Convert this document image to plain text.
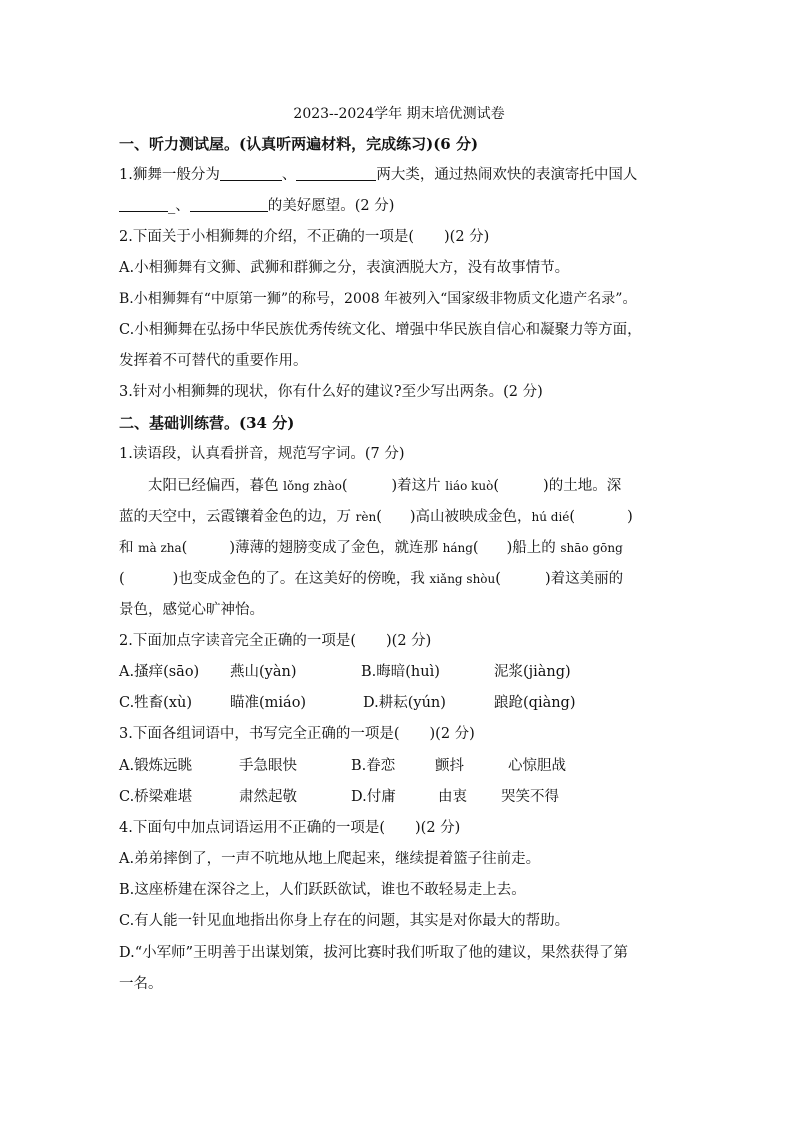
2023--2024学年 期末培优测试卷
一、听力测试屋。(认真听两遍材料，完成练习)(6 分)
1.狮舞一般分为	、	两大类，通过热闹欢快的表演寄托中国人
_、	的美好愿望。(2 分)
2.下面关于小相狮舞的介绍，不正确的一项是( )(2 分)
A.小相狮舞有文狮、武狮和群狮之分，表演洒脱大方，没有故事情节。
B.小相狮舞有“中原第一狮”的称号，2008 年被列入“国家级非物质文化遗产名录”。
C.小相狮舞在弘扬中华民族优秀传统文化、增强中华民族自信心和凝聚力等方面，
发挥着不可替代的重要作用。
3.针对小相狮舞的现状，你有什么好的建议?至少写出两条。(2 分)
二、基础训练营。(34 分)
1.读语段，认真看拼音，规范写字词。(7 分)
太阳已经偏西，暮色 lǒng zhào(	)着这片 liáo kuò(	)的土地。深
蓝的天空中，云霞镶着金色的边，万 rèn( )高山被映成金色，hú dié(	)
和 mà zha(	)薄薄的翅膀变成了金色，就连那 háng( )船上的 shāo gōng
(	)也变成金色的了。在这美好的傍晚，我 xiǎng shòu(	)着这美丽的
景色，感觉心旷神怡。
2.下面加点字读音完全正确的一项是( )(2 分)
A.搔痒(sāo) 燕山(yàn)	B.晦暗(huì)	泥浆(jiàng)
C.牲畜(xù)	瞄准(miáo)	D.耕耘(yún)	踉跄(qiàng)
3.下面各组词语中，书写完全正确的一项是( )(2 分)
A.锻炼远眺	手急眼快	B.眷恋	颤抖	心惊胆战
C.桥梁难堪	肃然起敬	D.付庸	由衷 哭笑不得
4.下面句中加点词语运用不正确的一项是( )(2 分)
A.弟弟摔倒了，一声不吭地从地上爬起来，继续提着篮子往前走。
B.这座桥建在深谷之上，人们跃跃欲试，谁也不敢轻易走上去。
C.有人能一针见血地指出你身上存在的问题，其实是对你最大的帮助。
D.“小军师”王明善于出谋划策，拔河比赛时我们听取了他的建议，果然获得了第
一名。
